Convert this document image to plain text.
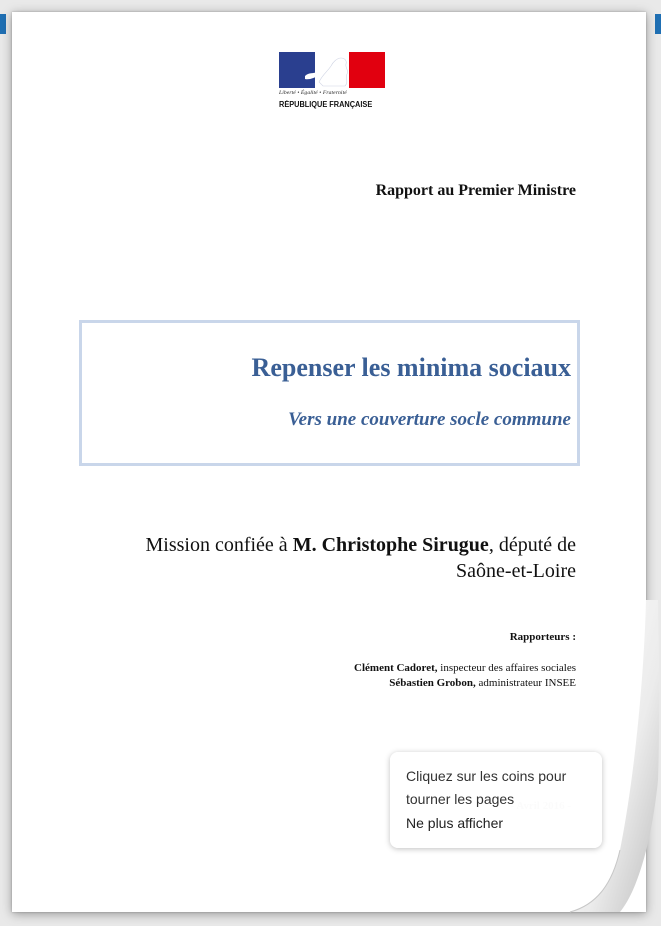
Liberté • Égalité • Fraternité
RÉPUBLIQUE FRANÇAISE
Rapport au Premier Ministre
Repenser les minima sociaux
Vers une couverture socle commune
Mission confiée à M. Christophe Sirugue, député de
Saône-et-Loire
Rapporteurs :
Clément Cadoret, inspecteur des affaires sociales
Sébastien Grobon, administrateur INSEE
Cliquez sur les coins pour tourner les pages
Ne plus afficher
